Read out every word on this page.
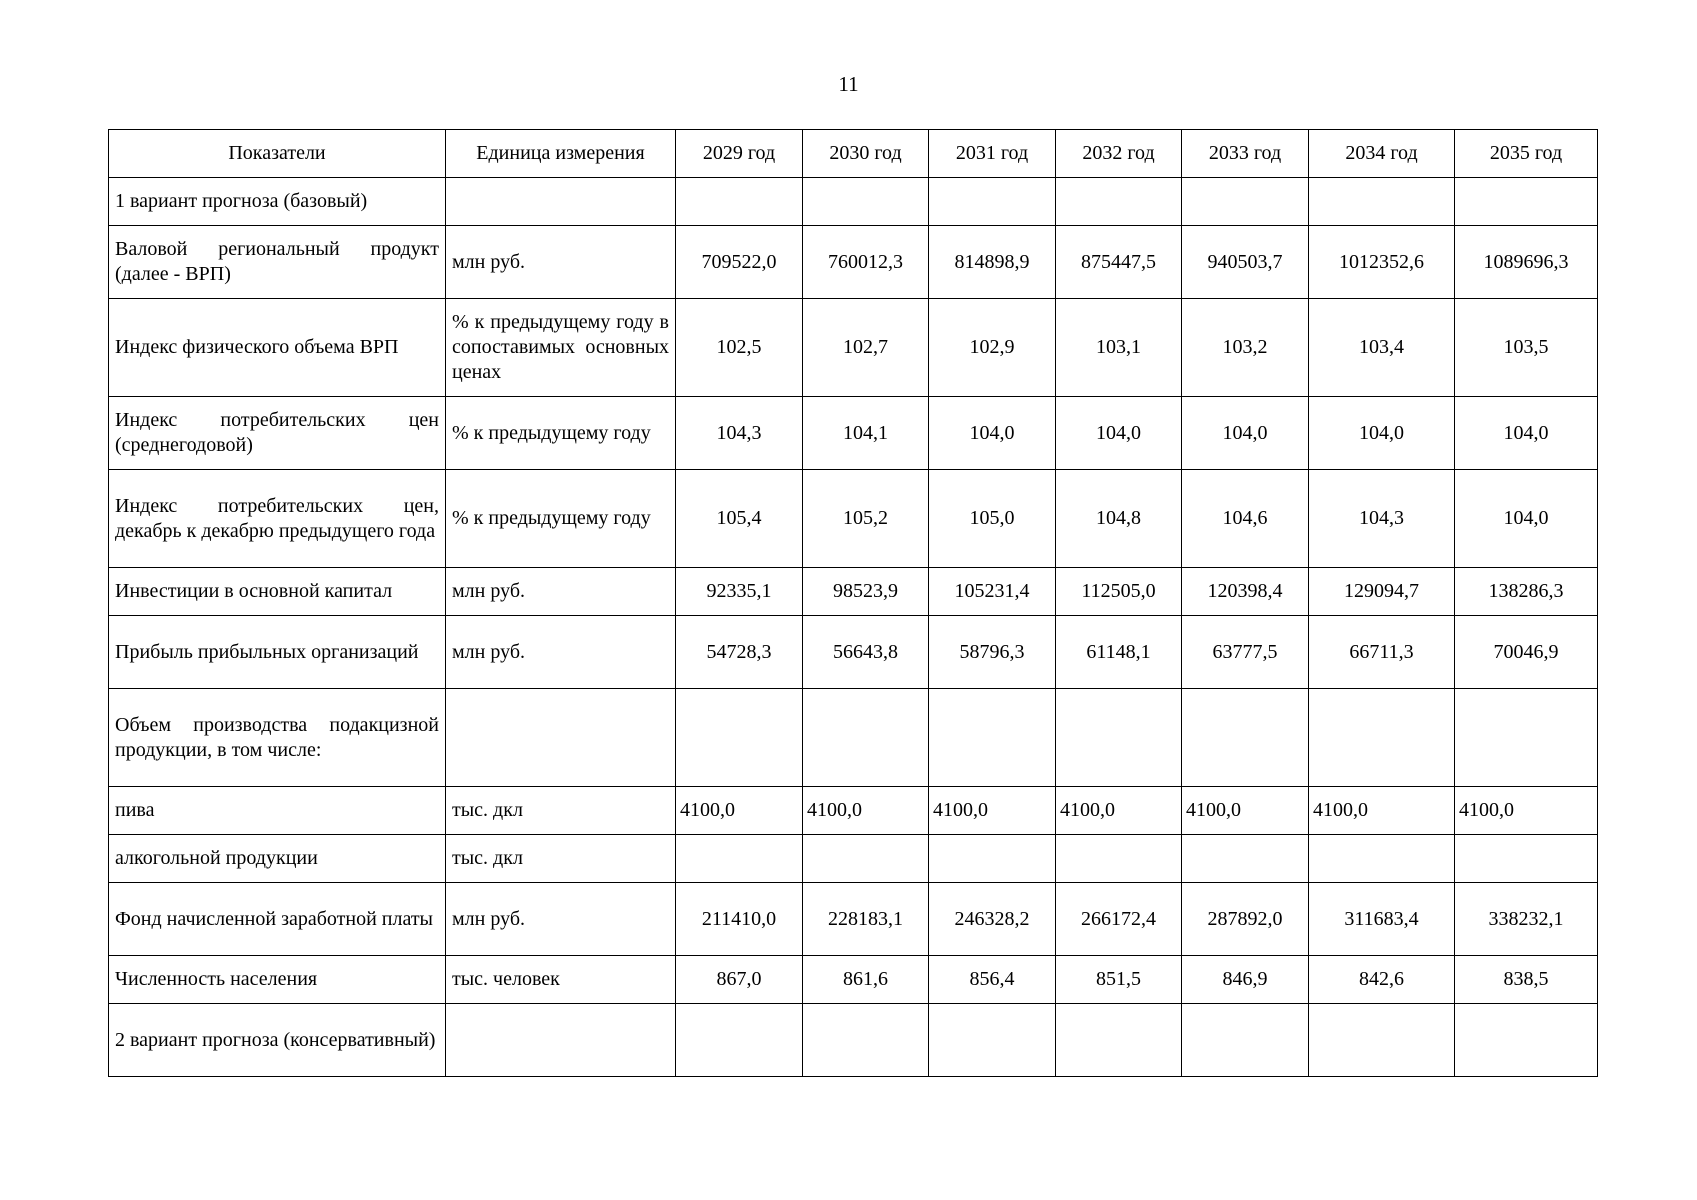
11
Показатели	Единица измерения	2029 год	2030 год	2031 год	2032 год	2033 год	2034 год	2035 год
1 вариант прогноза (базовый)								
Валовой региональный продукт (далее - ВРП)	млн руб.	709522,0	760012,3	814898,9	875447,5	940503,7	1012352,6	1089696,3
Индекс физического объема ВРП	% к предыдущему году в сопоставимых основных ценах	102,5	102,7	102,9	103,1	103,2	103,4	103,5
Индекс потребительских цен (среднегодовой)	% к предыдущему году	104,3	104,1	104,0	104,0	104,0	104,0	104,0
Индекс потребительских цен, декабрь к декабрю предыдущего года	% к предыдущему году	105,4	105,2	105,0	104,8	104,6	104,3	104,0
Инвестиции в основной капитал	млн руб.	92335,1	98523,9	105231,4	112505,0	120398,4	129094,7	138286,3
Прибыль прибыльных организаций	млн руб.	54728,3	56643,8	58796,3	61148,1	63777,5	66711,3	70046,9
Объем производства подакцизной продукции, в том числе:								
пива	тыс. дкл	4100,0	4100,0	4100,0	4100,0	4100,0	4100,0	4100,0
алкогольной продукции	тыс. дкл							
Фонд начисленной заработной платы	млн руб.	211410,0	228183,1	246328,2	266172,4	287892,0	311683,4	338232,1
Численность населения	тыс. человек	867,0	861,6	856,4	851,5	846,9	842,6	838,5
2 вариант прогноза (консервативный)								
